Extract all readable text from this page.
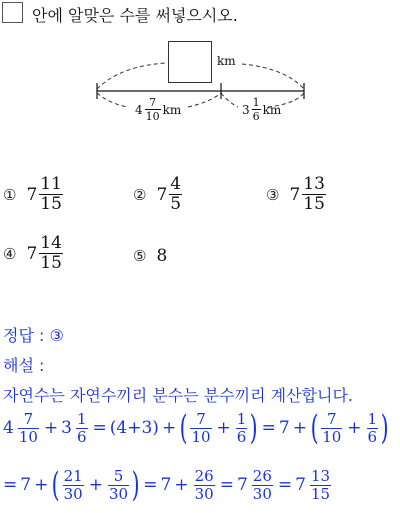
안에 알맞은 수를 써넣으시오.
km
$4 \frac{7}{10}$ km	$3 \frac{1}{6}$ km
① $7 \frac{11}{15}$	② $7 \frac{4}{5}$	③ $7 \frac{13}{15}$
④ $7 \frac{14}{15}$	⑤ 8
정답 : ③
해설 :
자연수는 자연수끼리 분수는 분수끼리 계산합니다.
$4 \frac{7}{10} + 3 \frac{1}{6} = (4+3)$ + ( $\frac{7}{10} + \frac{1}{6}$ ) = 7 + ( $\frac{7}{10} + \frac{1}{6}$ )
= 7 + ( $\frac{21}{30} + \frac{5}{30}$ ) = $7 + \frac{26}{30} = 7 \frac{26}{30} = 7 \frac{13}{15}$
